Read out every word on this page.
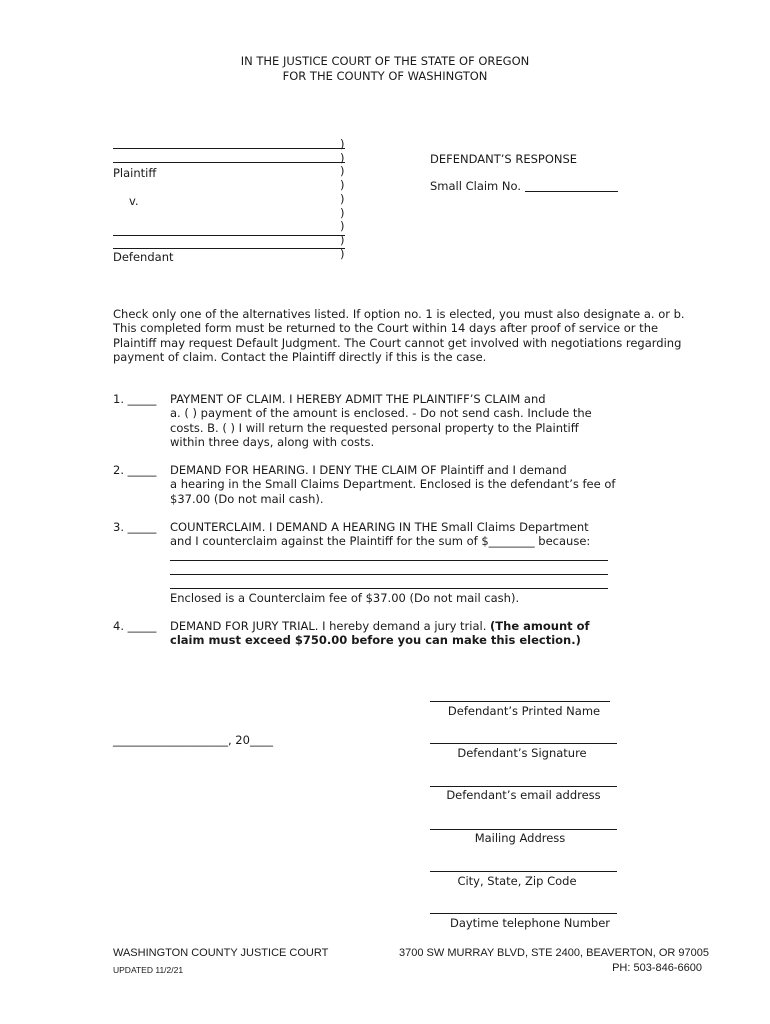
IN THE JUSTICE COURT OF THE STATE OF OREGON
FOR THE COUNTY OF WASHINGTON
Plaintiff
v.
Defendant
)
)
)
)
)
)
)
)
)
DEFENDANT’S RESPONSE
Small Claim No.
Check only one of the alternatives listed. If option no. 1 is elected, you must also designate a. or b.
This completed form must be returned to the Court within 14 days after proof of service or the
Plaintiff may request Default Judgment. The Court cannot get involved with negotiations regarding
payment of claim. Contact the Plaintiff directly if this is the case.
1. _____ PAYMENT OF CLAIM. I HEREBY ADMIT THE PLAINTIFF’S CLAIM and
a. ( ) payment of the amount is enclosed. - Do not send cash. Include the
costs. B. ( ) I will return the requested personal property to the Plaintiff
within three days, along with costs.
2. _____ DEMAND FOR HEARING. I DENY THE CLAIM OF Plaintiff and I demand
a hearing in the Small Claims Department. Enclosed is the defendant’s fee of
$37.00 (Do not mail cash).
3. _____ COUNTERCLAIM. I DEMAND A HEARING IN THE Small Claims Department
and I counterclaim against the Plaintiff for the sum of $________ because:
Enclosed is a Counterclaim fee of $37.00 (Do not mail cash).
4. _____ DEMAND FOR JURY TRIAL. I hereby demand a jury trial. (The amount of
claim must exceed $750.00 before you can make this election.)
____________________, 20____
Defendant’s Printed Name
Defendant’s Signature
Defendant’s email address
Mailing Address
City, State, Zip Code
Daytime telephone Number
WASHINGTON COUNTY JUSTICE COURT
UPDATED 11/2/21
3700 SW MURRAY BLVD, STE 2400, BEAVERTON, OR 97005
PH: 503-846-6600
